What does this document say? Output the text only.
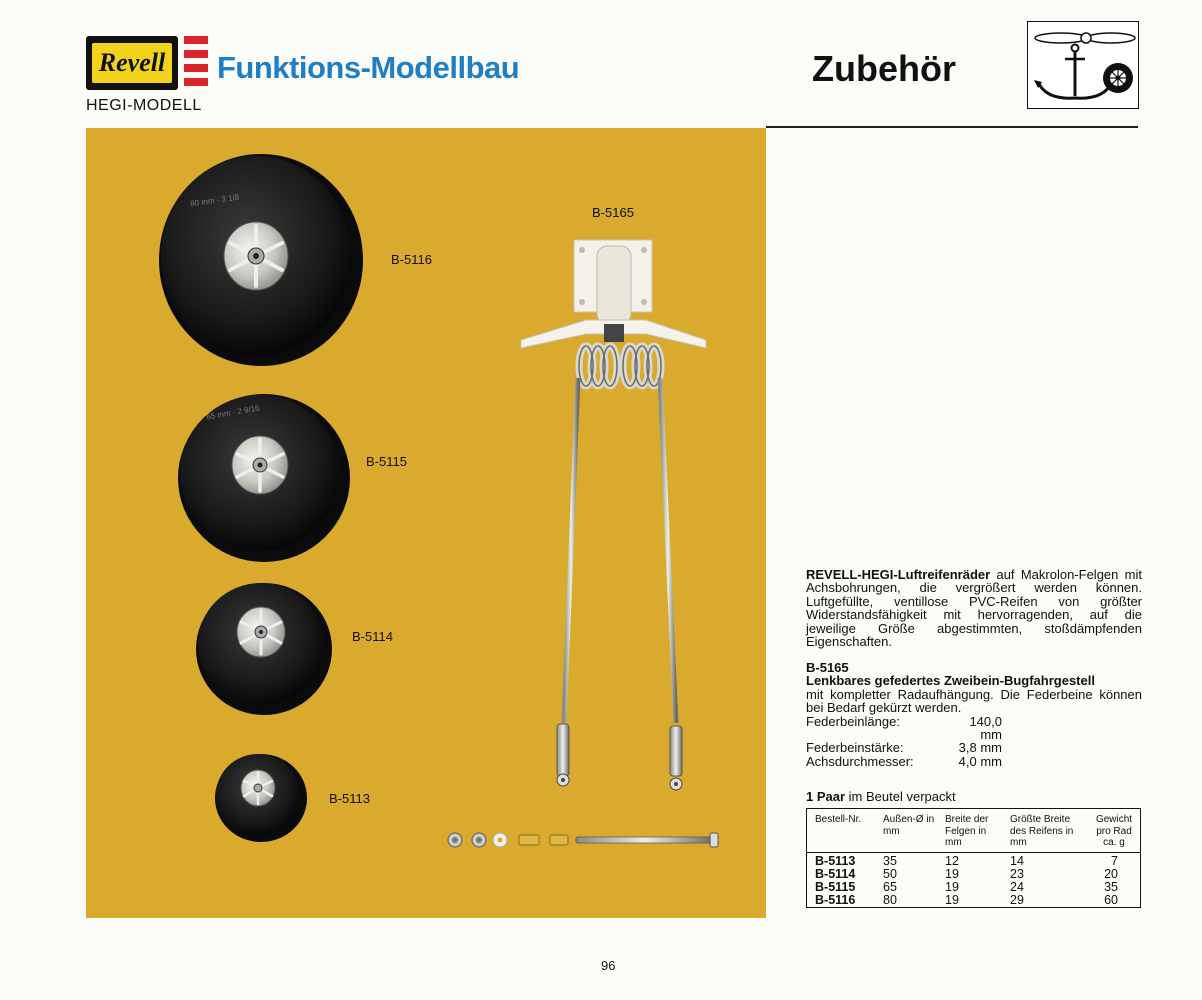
Revell
HEGI-MODELL
Funktions-Modellbau	Zubehör
B-5116
B-5115
B-5114
B-5113
B-5165
80 mm · 3 1/8
65 mm · 2 9/16
REVELL-HEGI-Luftreifenräder auf Makrolon-Felgen mit Achsbohrungen, die vergrößert werden können. Luftgefüllte, ventillose PVC-Reifen von größter Widerstandsfähigkeit mit hervorragenden, auf die jeweilige Größe abgestimmten, stoßdämpfenden Eigenschaften.
B-5165
Lenkbares gefedertes Zweibein-Bugfahrgestell
mit kompletter Radaufhängung. Die Federbeine können bei Bedarf gekürzt werden.
Federbeinlänge:	140,0 mm
Federbeinstärke:	3,8 mm
Achsdurchmesser:	4,0 mm
1 Paar im Beutel verpackt
Bestell-Nr.	Außen-Ø in mm	Breite der Felgen in mm	Größte Breite des Reifens in mm	Gewicht pro Rad ca. g
B-5113	35	12	14	7
B-5114	50	19	23	20
B-5115	65	19	24	35
B-5116	80	19	29	60
96
